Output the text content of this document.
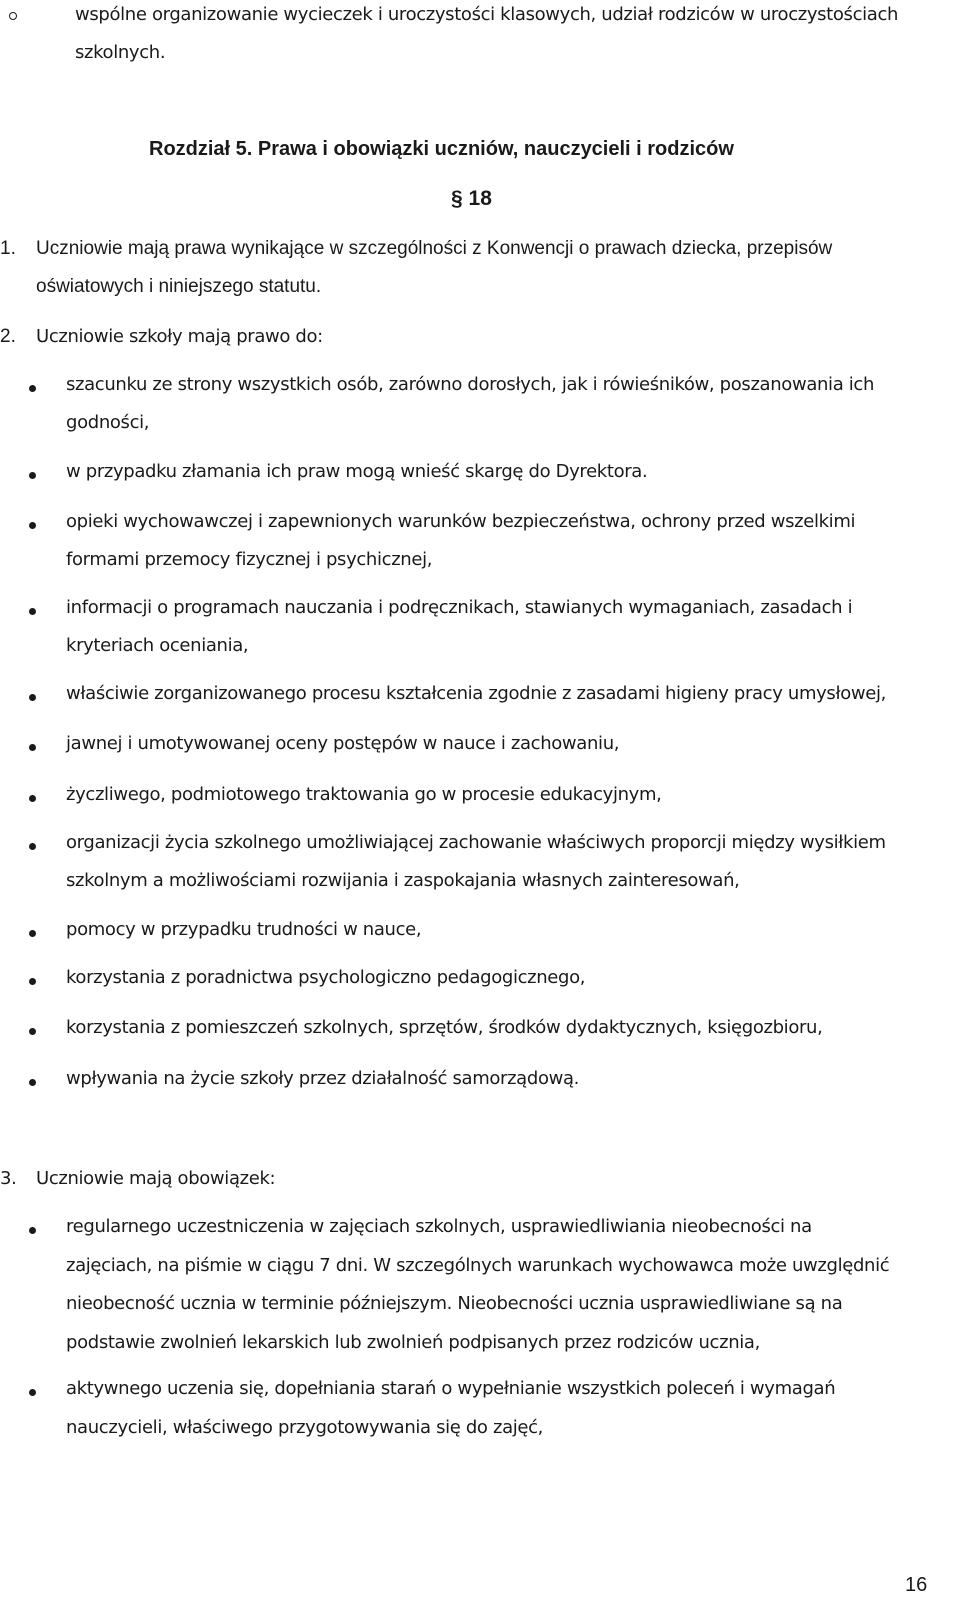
wspólne organizowanie wycieczek i uroczystości klasowych, udział rodziców w uroczystościach
szkolnych.
Rozdział 5. Prawa i obowiązki uczniów, nauczycieli i rodziców
§ 18
1. Uczniowie mają prawa wynikające w szczególności z Konwencji o prawach dziecka, przepisów
oświatowych i niniejszego statutu.
2. Uczniowie szkoły mają prawo do:
szacunku ze strony wszystkich osób, zarówno dorosłych, jak i rówieśników, poszanowania ich
godności,
w przypadku złamania ich praw mogą wnieść skargę do Dyrektora.
opieki wychowawczej i zapewnionych warunków bezpieczeństwa, ochrony przed wszelkimi
formami przemocy fizycznej i psychicznej,
informacji o programach nauczania i podręcznikach, stawianych wymaganiach, zasadach i
kryteriach oceniania,
właściwie zorganizowanego procesu kształcenia zgodnie z zasadami higieny pracy umysłowej,
jawnej i umotywowanej oceny postępów w nauce i zachowaniu,
życzliwego, podmiotowego traktowania go w procesie edukacyjnym,
organizacji życia szkolnego umożliwiającej zachowanie właściwych proporcji między wysiłkiem
szkolnym a możliwościami rozwijania i zaspokajania własnych zainteresowań,
pomocy w przypadku trudności w nauce,
korzystania z poradnictwa psychologiczno pedagogicznego,
korzystania z pomieszczeń szkolnych, sprzętów, środków dydaktycznych, księgozbioru,
wpływania na życie szkoły przez działalność samorządową.
3. Uczniowie mają obowiązek:
regularnego uczestniczenia w zajęciach szkolnych, usprawiedliwiania nieobecności na
zajęciach, na piśmie w ciągu 7 dni. W szczególnych warunkach wychowawca może uwzględnić
nieobecność ucznia w terminie późniejszym. Nieobecności ucznia usprawiedliwiane są na
podstawie zwolnień lekarskich lub zwolnień podpisanych przez rodziców ucznia,
aktywnego uczenia się, dopełniania starań o wypełnianie wszystkich poleceń i wymagań
nauczycieli, właściwego przygotowywania się do zajęć,
16
